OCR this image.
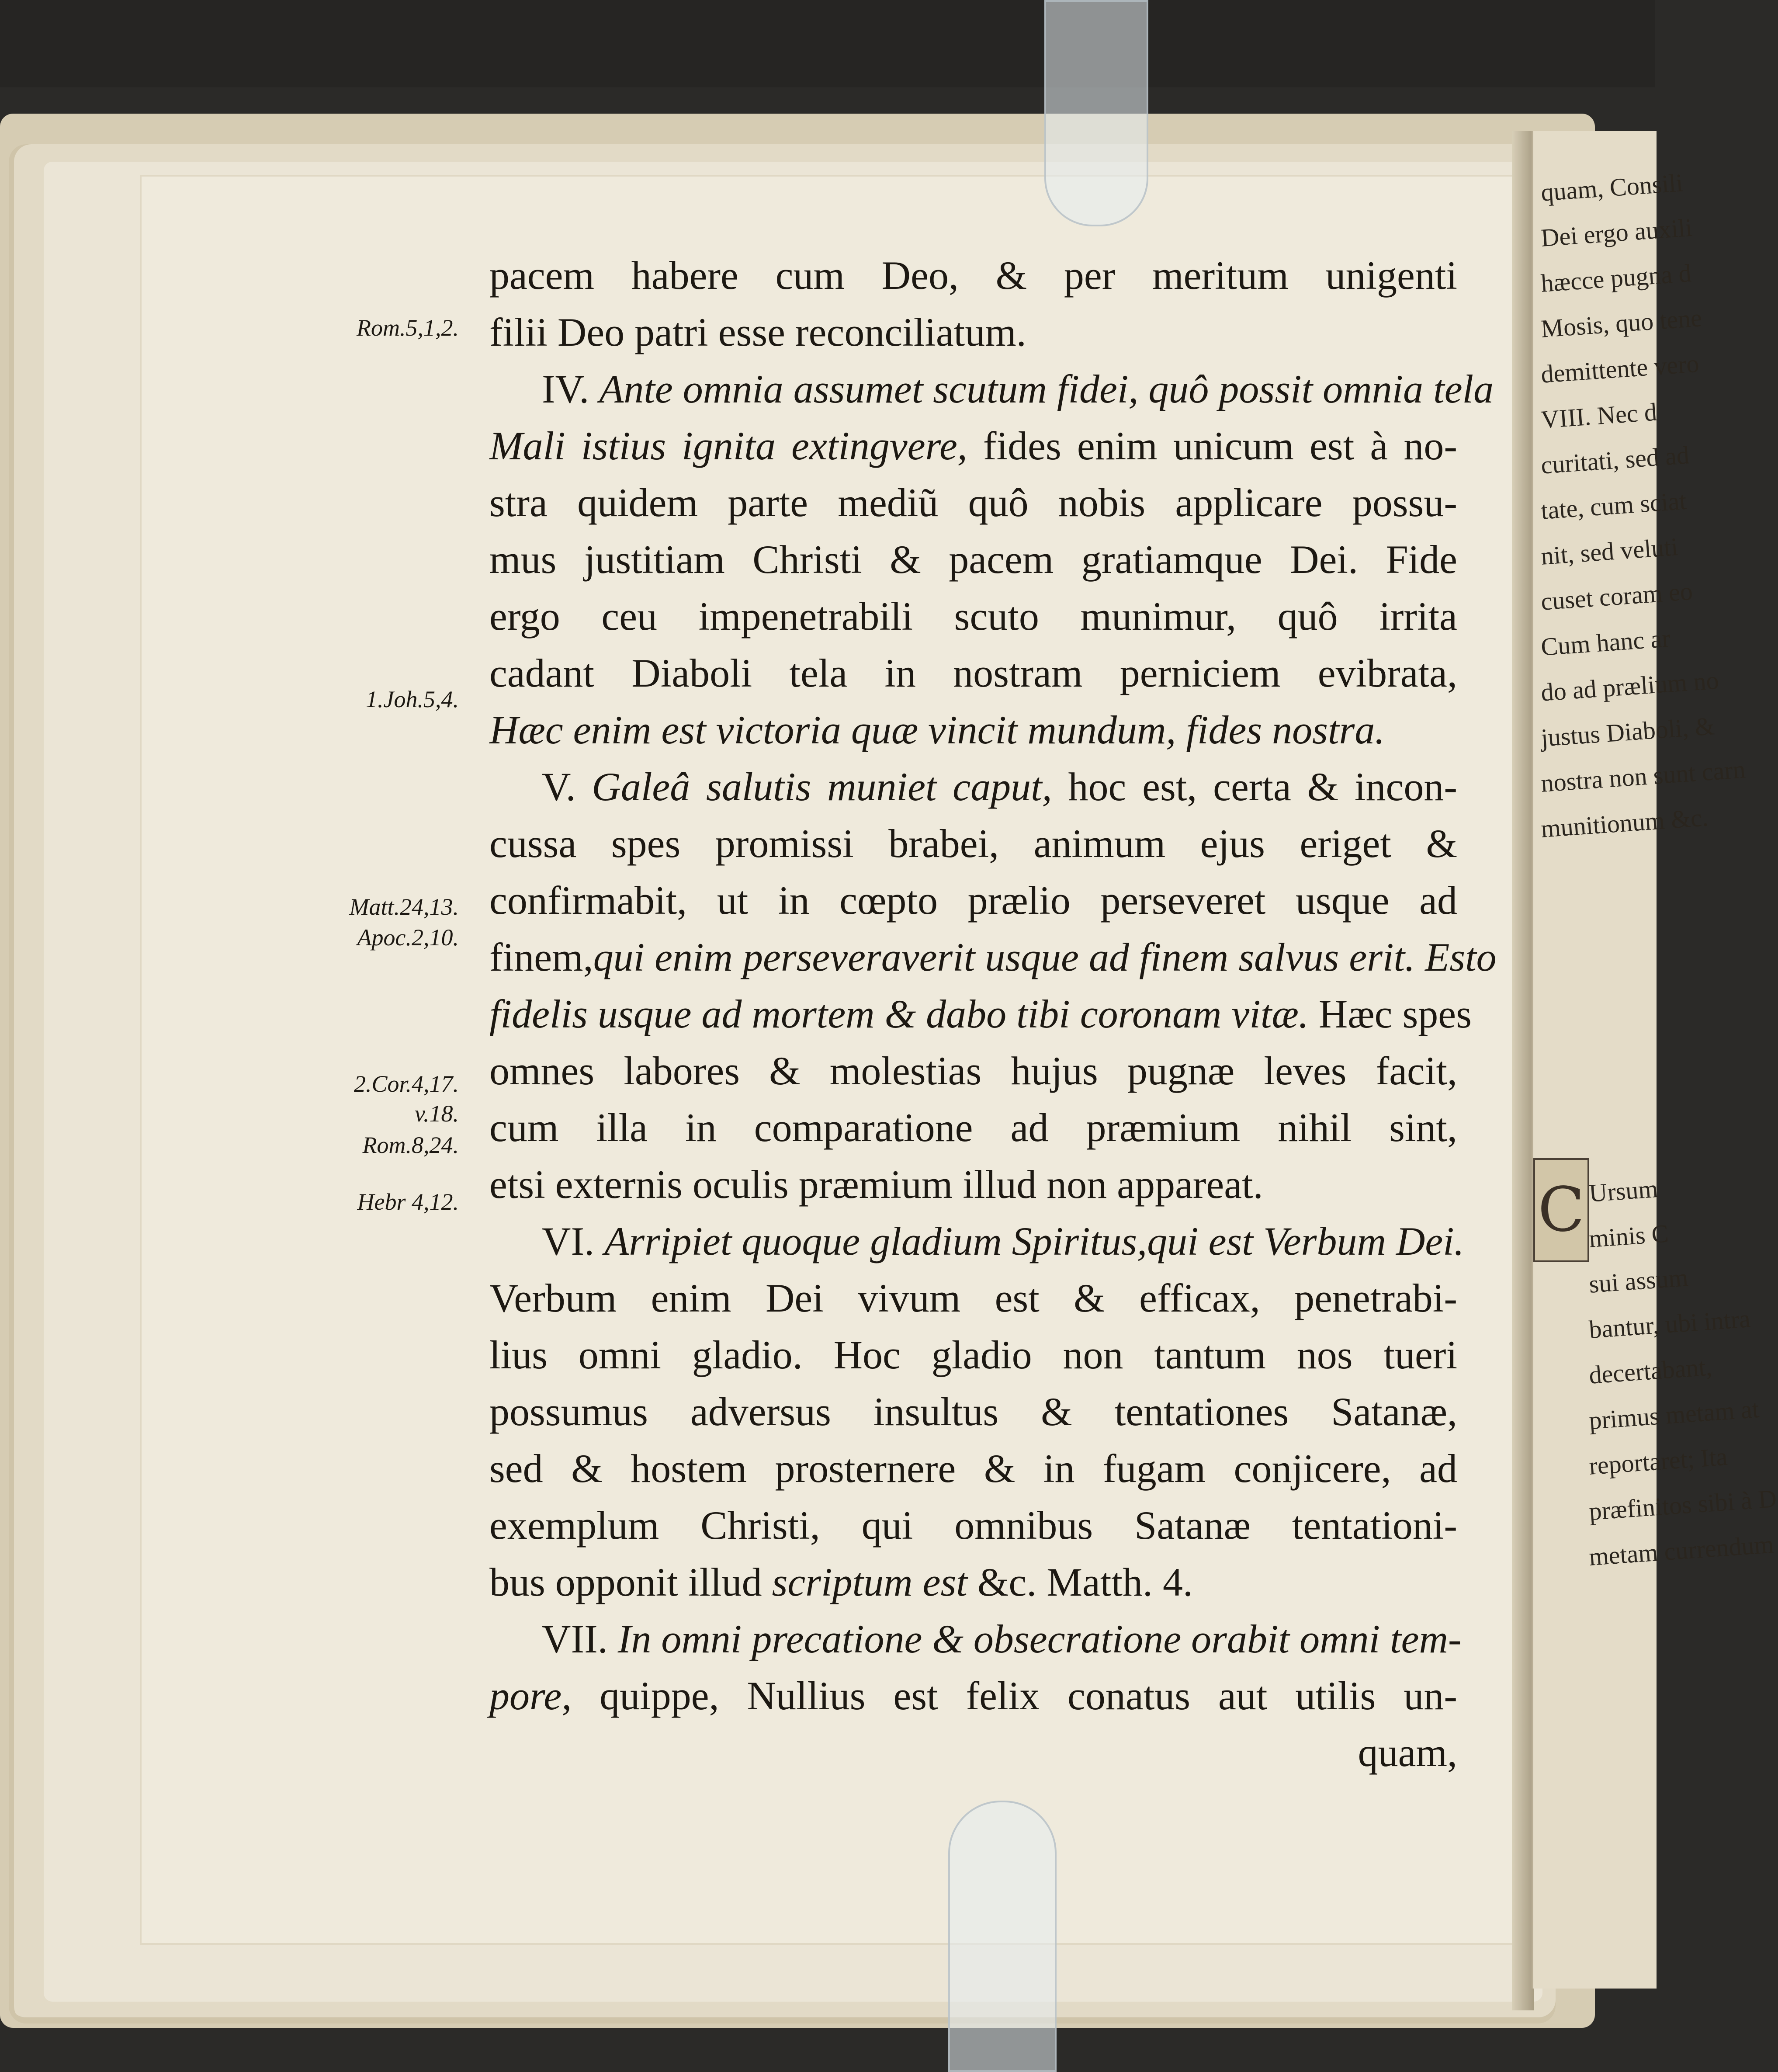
quam, Consili
Dei ergo auxili
hæcce pugna d
Mosis, quo tene
demittente vero
VIII. Nec d
curitati, sed ad
tate, cum sciat
nit, sed veluti
cuset coram eo
Cum hanc ar
do ad prælium no
justus Diaboli, &
nostra non sunt carn
munitionum &c.
C Ursum
minis C
sui assum
bantur, ubi intra
decertabant,
primus metam at
reportaret; Ita
præfinitos sibi à D
metam currendum
pacem habere cum Deo, & per meritum unigenti
filii Deo patri esse reconciliatum.
IV. Ante omnia assumet scutum fidei, quô possit omnia tela
Mali istius ignita extingvere, fides enim unicum est à no-
stra quidem parte mediũ quô nobis applicare possu-
mus justitiam Christi & pacem gratiamque Dei. Fide
ergo ceu impenetrabili scuto munimur, quô irrita
cadant Diaboli tela in nostram perniciem evibrata,
Hæc enim est victoria quæ vincit mundum, fides nostra.
V. Galeâ salutis muniet caput, hoc est, certa & incon-
cussa spes promissi brabei, animum ejus eriget &
confirmabit, ut in cœpto prælio perseveret usque ad
finem,qui enim perseveraverit usque ad finem salvus erit. Esto
fidelis usque ad mortem & dabo tibi coronam vitæ. Hæc spes
omnes labores & molestias hujus pugnæ leves facit,
cum illa in comparatione ad præmium nihil sint,
etsi externis oculis præmium illud non appareat.
VI. Arripiet quoque gladium Spiritus,qui est Verbum Dei.
Verbum enim Dei vivum est & efficax, penetrabi-
lius omni gladio. Hoc gladio non tantum nos tueri
possumus adversus insultus & tentationes Satanæ,
sed & hostem prosternere & in fugam conjicere, ad
exemplum Christi, qui omnibus Satanæ tentationi-
bus opponit illud scriptum est &c. Matth. 4.
VII. In omni precatione & obsecratione orabit omni tem-
pore, quippe, Nullius est felix conatus aut utilis un-
quam,
Rom.5,1,2.
1.Joh.5,4.
Matt.24,13.
Apoc.2,10.
2.Cor.4,17.
v.18.
Rom.8,24.
Hebr 4,12.
